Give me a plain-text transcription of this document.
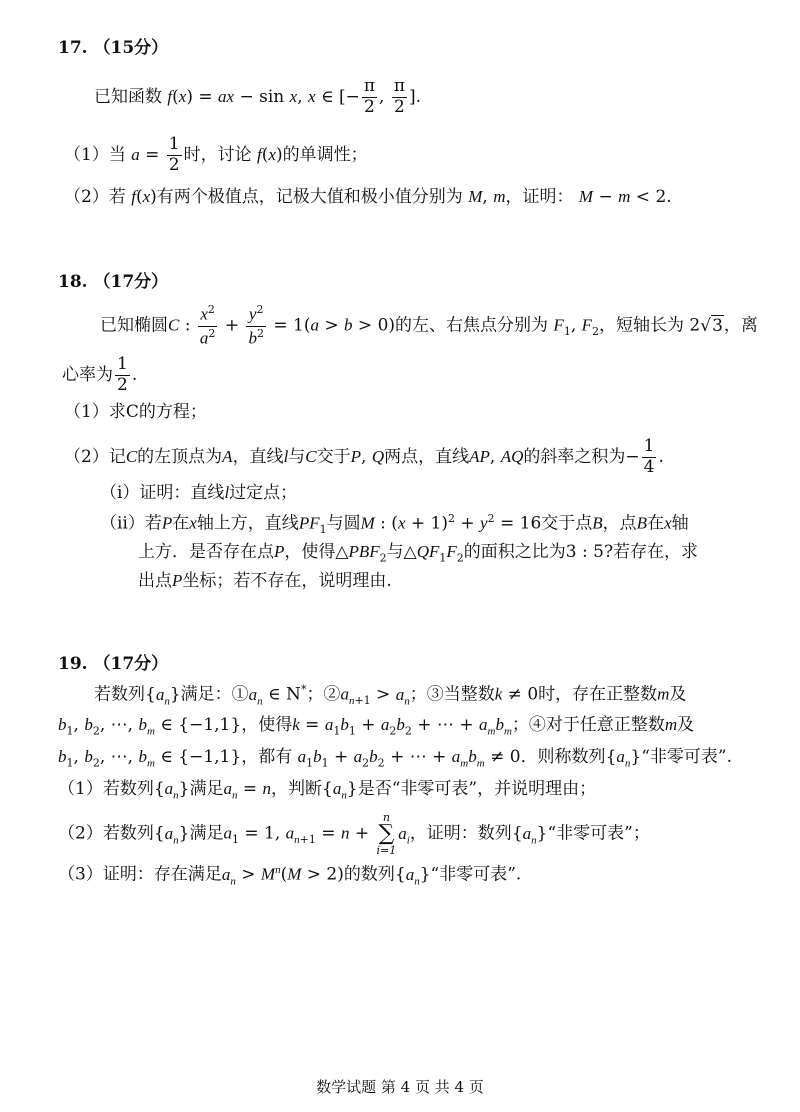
17. （15分）
已知函数 f(x) = ax − sin x, x ∈ [− $\frac{\pi}{2}$ , $\frac{\pi}{2}$ ].
（1）当 $a = \frac{1}{2}$ 时，讨论 f(x)的单调性；
（2）若 f(x)有两个极值点，记极大值和极小值分别为 M, m，证明： M − m < 2.
18. （17分）
已知椭圆C : $\frac{x^2}{a^2} + \frac{y^2}{b^2} = 1(a > b > 0)$的左、右焦点分别为 $F_1$, $F_2$，短轴长为 2√3，离
心率为 $\frac{1}{2}$ .
（1）求C的方程；
（2）记C的左顶点为A，直线l与C交于P, Q两点，直线AP, AQ的斜率之积为− $\frac{1}{4}$ .
（ⅰ）证明：直线l过定点；
（ⅱ）若P在x轴上方，直线$PF_1$与圆M : $(x + 1)^2 + y^2 = 16$交于点B，点B在x轴
上方．是否存在点P，使得$\triangle PBF_2$与$\triangle QF_1F_2$的面积之比为3 : 5?若存在，求
出点P坐标；若不存在，说明理由.
19. （17分）
若数列$\{a_n\}$满足：$①a_n$ ∈ N*；$②a_{n+1} > a_n$；③当整数k ≠ 0时，存在正整数m及
$b_1$, $b_2$, ⋯, $b_m$ ∈ {−1,1}，使得$k = a_1b_1 + a_2b_2$ + ⋯ + $a_mb_m$；④对于任意正整数m及
$b_1$, $b_2$, ⋯, $b_m$ ∈ {−1,1}，都有 $a_1b_1 + a_2b_2$ + ⋯ + $a_mb_m \ne 0$．则称数列$\{a_n\}“$非零可表”.
（1）若数列$\{a_n\}$满足$a_n = n$，判断$\{a_n\}$是否“非零可表”，并说明理由；
（2）若数列$\{a_n\}$满足$a_1 = 1$, $a_{n+1} = n$ +
n
∑
i=1
$a_i$，证明：数列$\{a_n\}“$非零可表”；
（3）证明：存在满足$a_n > M^n(M > 2)$的数列$\{a_n\}“$非零可表”.
数学试题 第 4 页 共 4 页
